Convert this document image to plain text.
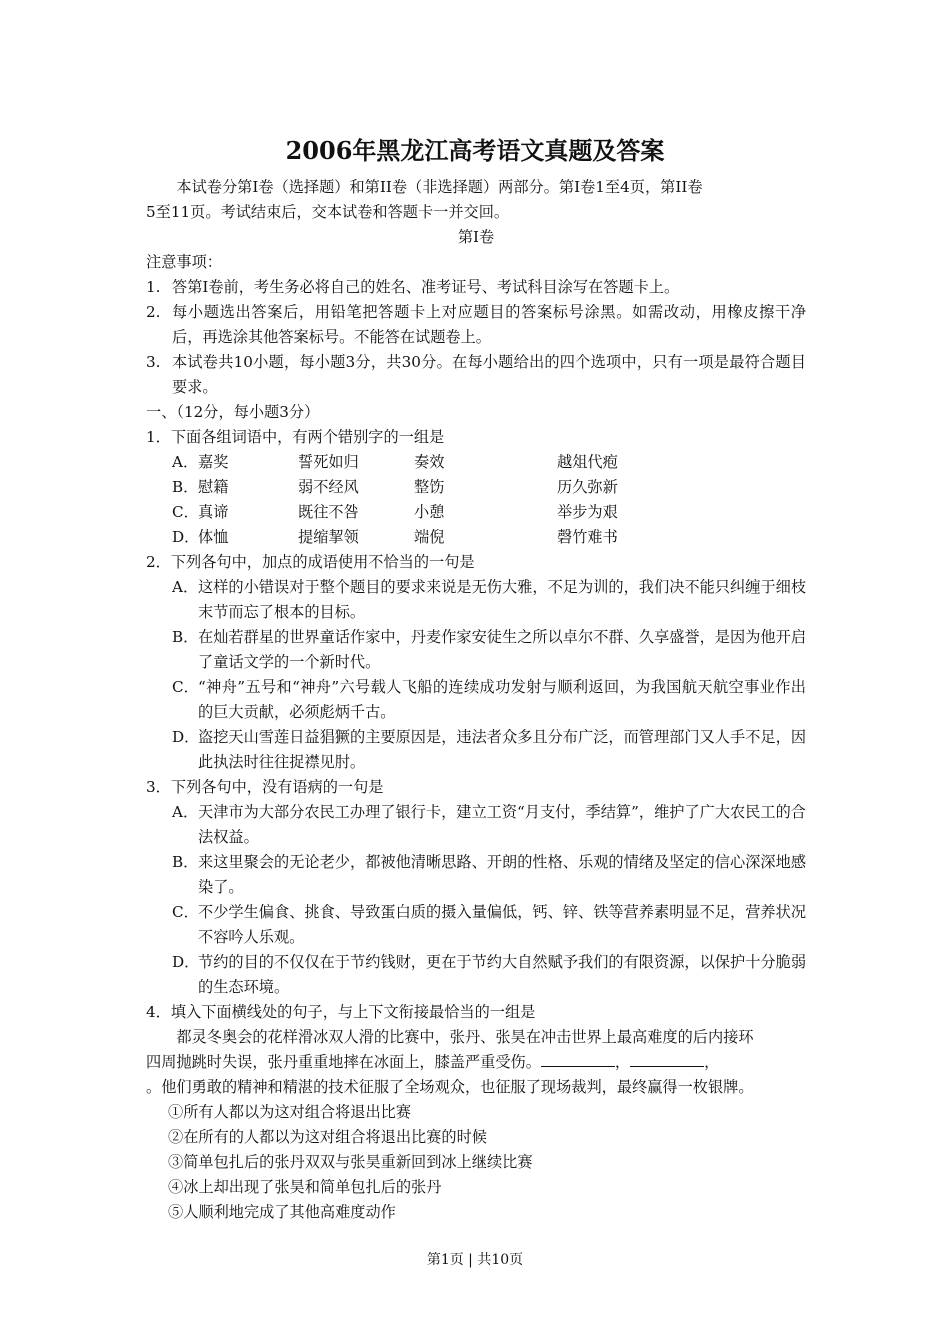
2006年黑龙江高考语文真题及答案
本试卷分第I卷（选择题）和第II卷（非选择题）两部分。第I卷1至4页，第II卷
5至11页。考试结束后，交本试卷和答题卡一并交回。
第I卷
注意事项：
1. 答第I卷前，考生务必将自己的姓名、准考证号、考试科目涂写在答题卡上。
2. 每小题选出答案后，用铅笔把答题卡上对应题目的答案标号涂黑。如需改动，用橡皮擦干净后，再选涂其他答案标号。不能答在试题卷上。
3. 本试卷共10小题，每小题3分，共30分。在每小题给出的四个选项中，只有一项是最符合题目要求。
一、（12分，每小题3分）
1．下面各组词语中，有两个错别字的一组是
A． 嘉奖	誓死如归	奏效	越俎代疱
B． 慰籍	弱不经风	整饬	历久弥新
C． 真谛	既往不咎	小憩	举步为艰
D．
体恤	提缩挈领	端倪	磬竹难书
2．下列各句中，加点的成语使用不恰当的一句是
A． 这样的小错误对于整个题目的要求来说是无伤大雅，不足为训的，我们决不能只纠缠于细枝末节而忘了根本的目标。
B． 在灿若群星的世界童话作家中，丹麦作家安徒生之所以卓尔不群、久享盛誉，是因为他开启了童话文学的一个新时代。
C． “神舟”五号和“神舟”六号载人飞船的连续成功发射与顺利返回，为我国航天航空事业作出的巨大贡献，必须彪炳千古。
D．
盗挖天山雪莲日益猖獗的主要原因是，违法者众多且分布广泛，而管理部门又人手不足，因此执法时往往捉襟见肘。
3．下列各句中，没有语病的一句是
A． 天津市为大部分农民工办理了银行卡，建立工资“月支付，季结算”，维护了广大农民工的合法权益。
B． 来这里聚会的无论老少，都被他清晰思路、开朗的性格、乐观的情绪及坚定的信心深深地感染了。
C． 不少学生偏食、挑食、导致蛋白质的摄入量偏低，钙、锌、铁等营养素明显不足，营养状况不容吟人乐观。
D．
节约的目的不仅仅在于节约钱财，更在于节约大自然赋予我们的有限资源，以保护十分脆弱的生态环境。
4．填入下面横线处的句子，与上下文衔接最恰当的一组是
都灵冬奥会的花样滑冰双人滑的比赛中，张丹、张昊在冲击世界上最高难度的后内接环
四周抛跳时失误，张丹重重地摔在冰面上，膝盖严重受伤。	，	，
。他们勇敢的精神和精湛的技术征服了全场观众，也征服了现场裁判，最终赢得一枚银牌。
①所有人都以为这对组合将退出比赛
②在所有的人都以为这对组合将退出比赛的时候
③简单包扎后的张丹双双与张昊重新回到冰上继续比赛
④冰上却出现了张昊和简单包扎后的张丹
⑤人顺利地完成了其他高难度动作
第1页 | 共10页
